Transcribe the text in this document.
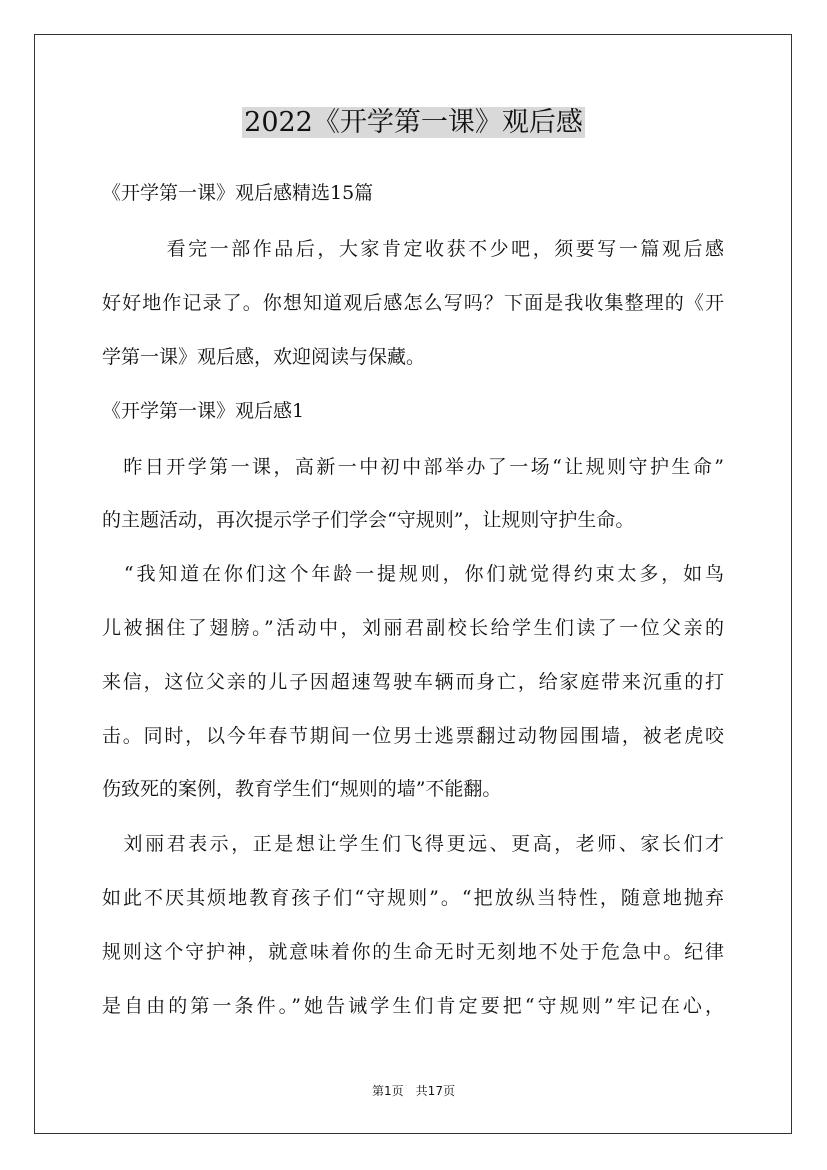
2022《开学第一课》观后感
《开学第一课》观后感精选15篇
　　　看完一部作品后，大家肯定收获不少吧，须要写一篇观后感
好好地作记录了。你想知道观后感怎么写吗？下面是我收集整理的《开
学第一课》观后感，欢迎阅读与保藏。
《开学第一课》观后感1
　昨日开学第一课，高新一中初中部举办了一场“让规则守护生命”
的主题活动，再次提示学子们学会“守规则”，让规则守护生命。
　“我知道在你们这个年龄一提规则，你们就觉得约束太多，如鸟
儿被捆住了翅膀。”活动中，刘丽君副校长给学生们读了一位父亲的
来信，这位父亲的儿子因超速驾驶车辆而身亡，给家庭带来沉重的打
击。同时，以今年春节期间一位男士逃票翻过动物园围墙，被老虎咬
伤致死的案例，教育学生们“规则的墙”不能翻。
　刘丽君表示，正是想让学生们飞得更远、更高，老师、家长们才
如此不厌其烦地教育孩子们“守规则”。“把放纵当特性，随意地抛弃
规则这个守护神，就意味着你的生命无时无刻地不处于危急中。纪律
是自由的第一条件。”她告诫学生们肯定要把“守规则”牢记在心，
第1页　共17页
